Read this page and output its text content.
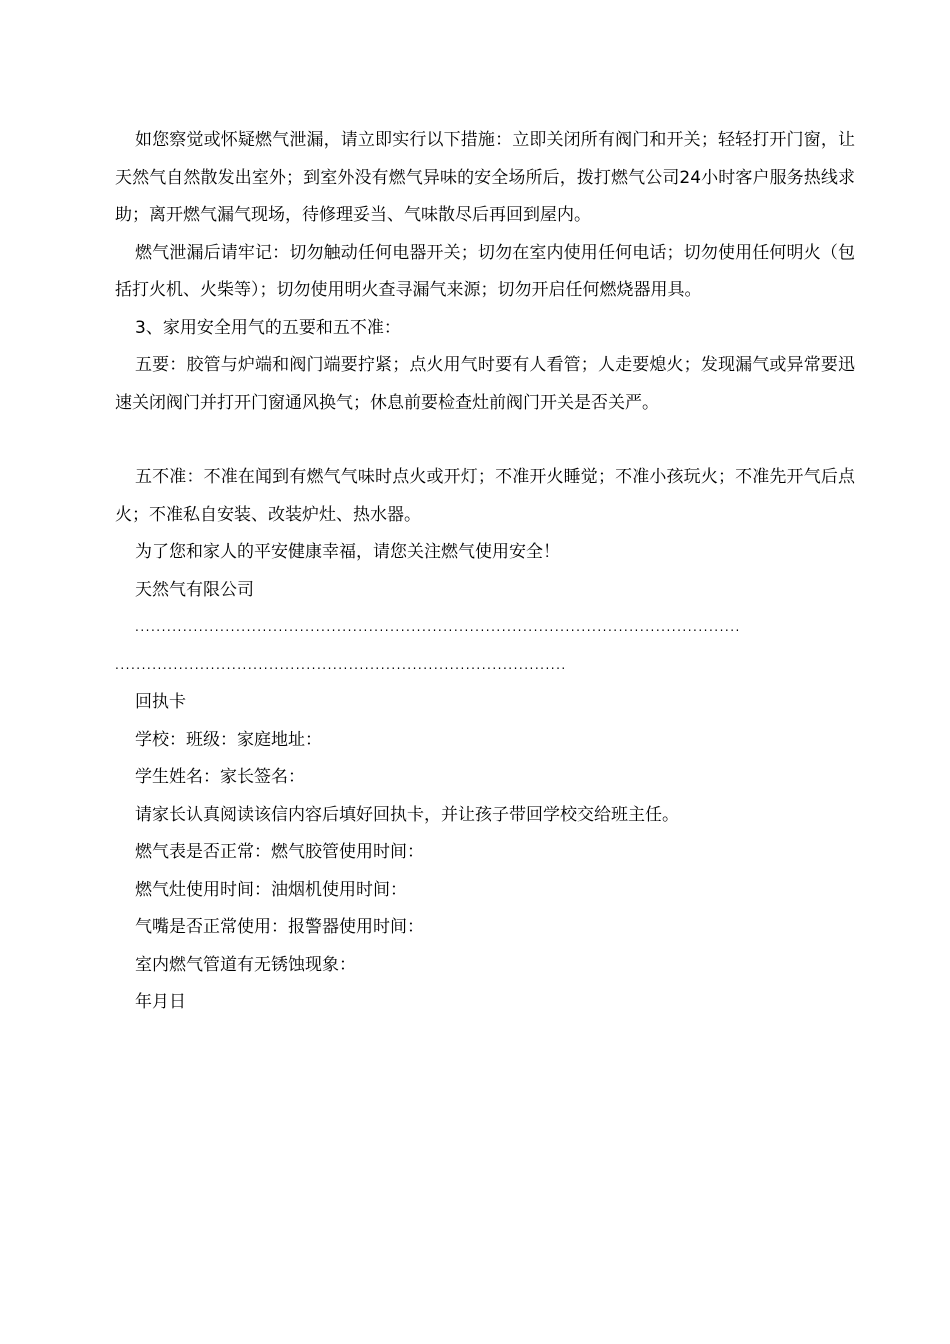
如您察觉或怀疑燃气泄漏，请立即实行以下措施：立即关闭所有阀门和开关；轻轻打开门窗，让天然气自然散发出室外；到室外没有燃气异味的安全场所后，拨打燃气公司24小时客户服务热线求助；离开燃气漏气现场，待修理妥当、气味散尽后再回到屋内。

燃气泄漏后请牢记：切勿触动任何电器开关；切勿在室内使用任何电话；切勿使用任何明火（包括打火机、火柴等）；切勿使用明火查寻漏气来源；切勿开启任何燃烧器用具。

3、家用安全用气的五要和五不准：

五要：胶管与炉端和阀门端要拧紧；点火用气时要有人看管；人走要熄火；发现漏气或异常要迅速关闭阀门并打开门窗通风换气；休息前要检查灶前阀门开关是否关严。

五不准：不准在闻到有燃气气味时点火或开灯；不准开火睡觉；不准小孩玩火；不准先开气后点火；不准私自安装、改装炉灶、热水器。

为了您和家人的平安健康幸福，请您关注燃气使用安全！

天然气有限公司

..................................................................................................................
.....................................................................................

回执卡

学校：班级：家庭地址：

学生姓名：家长签名：

请家长认真阅读该信内容后填好回执卡，并让孩子带回学校交给班主任。

燃气表是否正常：燃气胶管使用时间：

燃气灶使用时间：油烟机使用时间：

气嘴是否正常使用：报警器使用时间：

室内燃气管道有无锈蚀现象：

年月日
